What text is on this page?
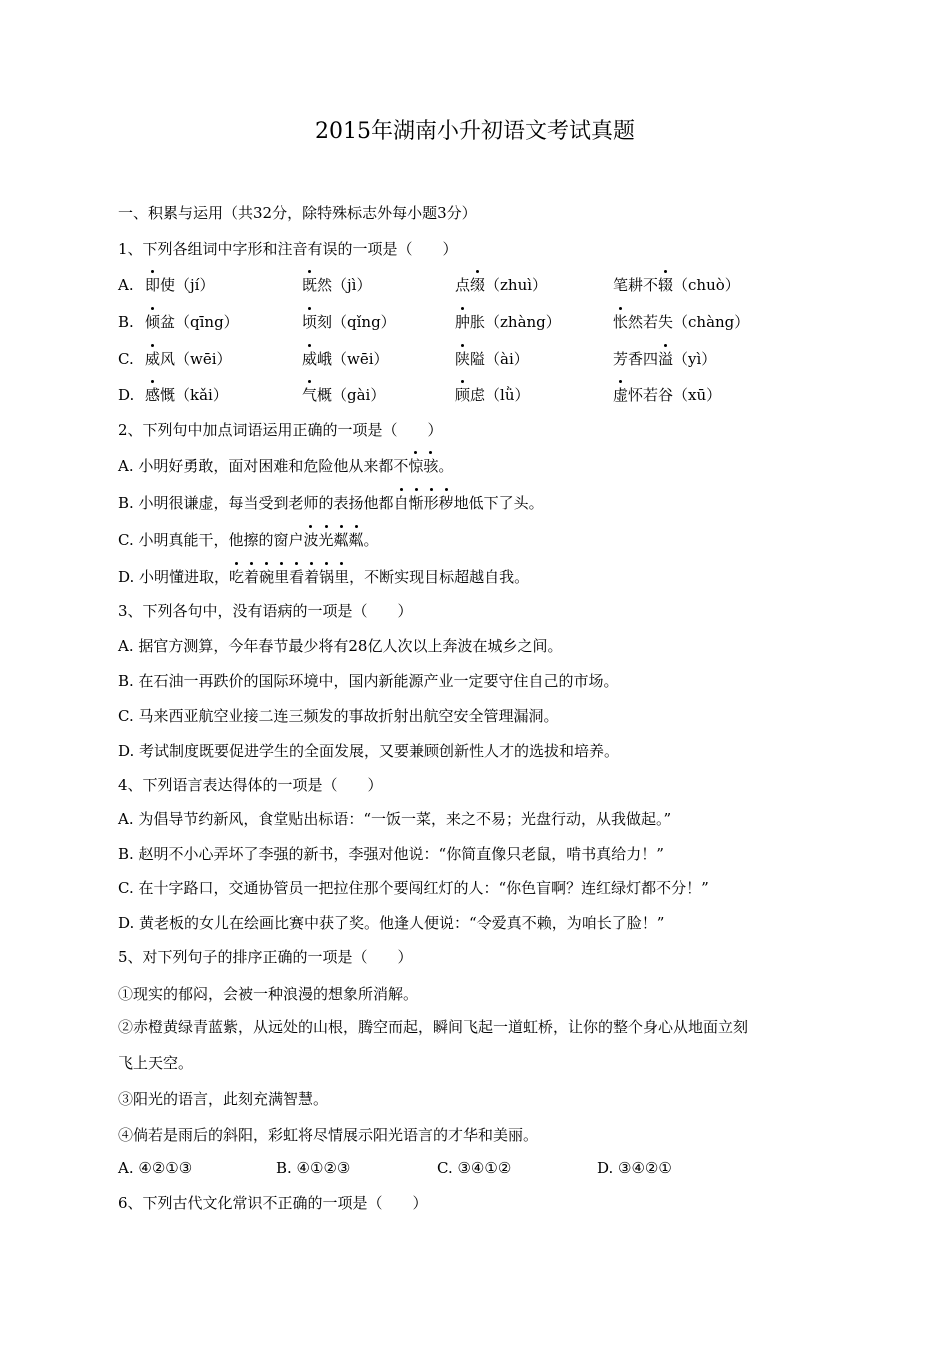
2015年湖南小升初语文考试真题
一、积累与运用（共32分，除特殊标志外每小题3分）
1、下列各组词中字形和注音有误的一项是（　　）
A. 即使（jí）	既然（jì）	点缀（zhuì）	笔耕不辍（chuò）
B. 倾盆（qīng）	顷刻（qǐng）	肿胀（zhàng）	怅然若失（chàng）
C. 威风（wēi）	威峨（wēi）	陕隘（ài）	芳香四溢（yì）
D. 感慨（kǎi）	气概（gài）	顾虑（lǜ）	虚怀若谷（xū）
2、下列句中加点词语运用正确的一项是（　　）
A. 小明好勇敢，面对困难和危险他从来都不惊骇。
B. 小明很谦虚，每当受到老师的表扬他都自惭形秽地低下了头。
C. 小明真能干，他擦的窗户波光粼粼。
D. 小明懂进取，吃着碗里看着锅里，不断实现目标超越自我。
3、下列各句中，没有语病的一项是（　　）
A. 据官方测算，今年春节最少将有28亿人次以上奔波在城乡之间。
B. 在石油一再跌价的国际环境中，国内新能源产业一定要守住自己的市场。
C. 马来西亚航空业接二连三频发的事故折射出航空安全管理漏洞。
D. 考试制度既要促进学生的全面发展，又要兼顾创新性人才的选拔和培养。
4、下列语言表达得体的一项是（　　）
A. 为倡导节约新风，食堂贴出标语：“一饭一菜，来之不易；光盘行动，从我做起。”
B. 赵明不小心弄坏了李强的新书，李强对他说：“你简直像只老鼠，啃书真给力！”
C. 在十字路口，交通协管员一把拉住那个要闯红灯的人：“你色盲啊？连红绿灯都不分！”
D. 黄老板的女儿在绘画比赛中获了奖。他逢人便说：“令爱真不赖，为咱长了脸！”
5、对下列句子的排序正确的一项是（　　）
①现实的郁闷，会被一种浪漫的想象所消解。
②赤橙黄绿青蓝紫，从远处的山根，腾空而起，瞬间飞起一道虹桥，让你的整个身心从地面立刻
飞上天空。
③阳光的语言，此刻充满智慧。
④倘若是雨后的斜阳，彩虹将尽情展示阳光语言的才华和美丽。
A. ④②①③	B. ④①②③	C. ③④①②	D. ③④②①
6、下列古代文化常识不正确的一项是（　　）
